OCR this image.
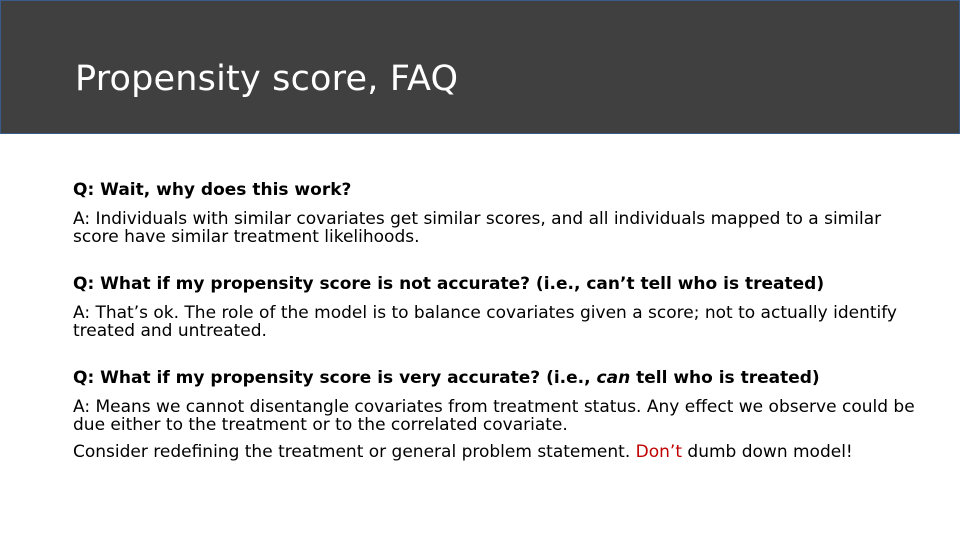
Propensity score, FAQ
Q: Wait, why does this work?
A: Individuals with similar covariates get similar scores, and all individuals mapped to a similar score have similar treatment likelihoods.
Q: What if my propensity score is not accurate? (i.e., can’t tell who is treated)
A: That’s ok. The role of the model is to balance covariates given a score; not to actually identify treated and untreated.
Q: What if my propensity score is very accurate? (i.e., can tell who is treated)
A: Means we cannot disentangle covariates from treatment status. Any effect we observe could be due either to the treatment or to the correlated covariate.
Consider redefining the treatment or general problem statement. Don’t dumb down model!
